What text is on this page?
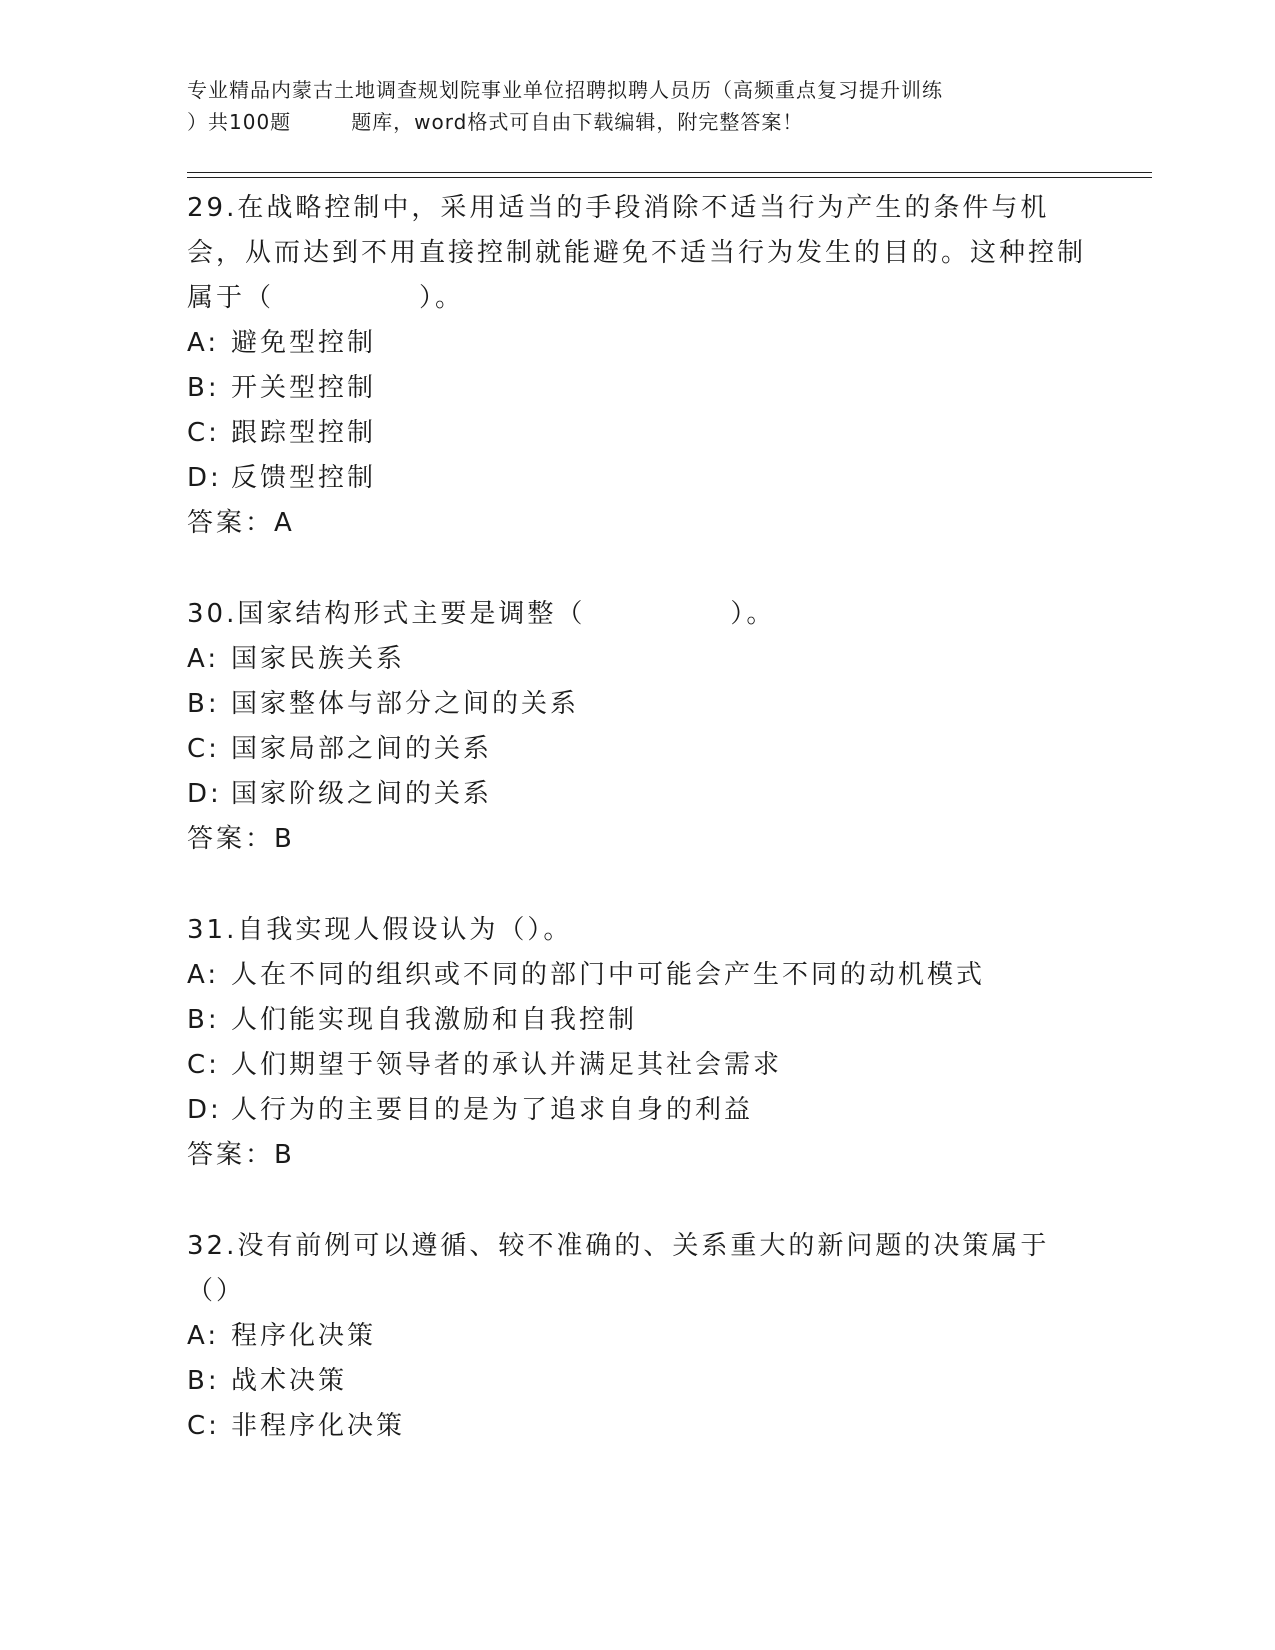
专业精品内蒙古土地调查规划院事业单位招聘拟聘人员历（高频重点复习提升训练
）共100题	题库，word格式可自由下载编辑，附完整答案！
29.在战略控制中，采用适当的手段消除不适当行为产生的条件与机会，从而达到不用直接控制就能避免不适当行为发生的目的。这种控制属于（　　　　　）。
A: 避免型控制
B: 开关型控制
C: 跟踪型控制
D: 反馈型控制
答案：A
30.国家结构形式主要是调整（　　　　　）。
A: 国家民族关系
B: 国家整体与部分之间的关系
C: 国家局部之间的关系
D: 国家阶级之间的关系
答案：B
31.自我实现人假设认为（）。
A: 人在不同的组织或不同的部门中可能会产生不同的动机模式
B: 人们能实现自我激励和自我控制
C: 人们期望于领导者的承认并满足其社会需求
D: 人行为的主要目的是为了追求自身的利益
答案：B
32.没有前例可以遵循、较不准确的、关系重大的新问题的决策属于（）
A: 程序化决策
B: 战术决策
C: 非程序化决策
